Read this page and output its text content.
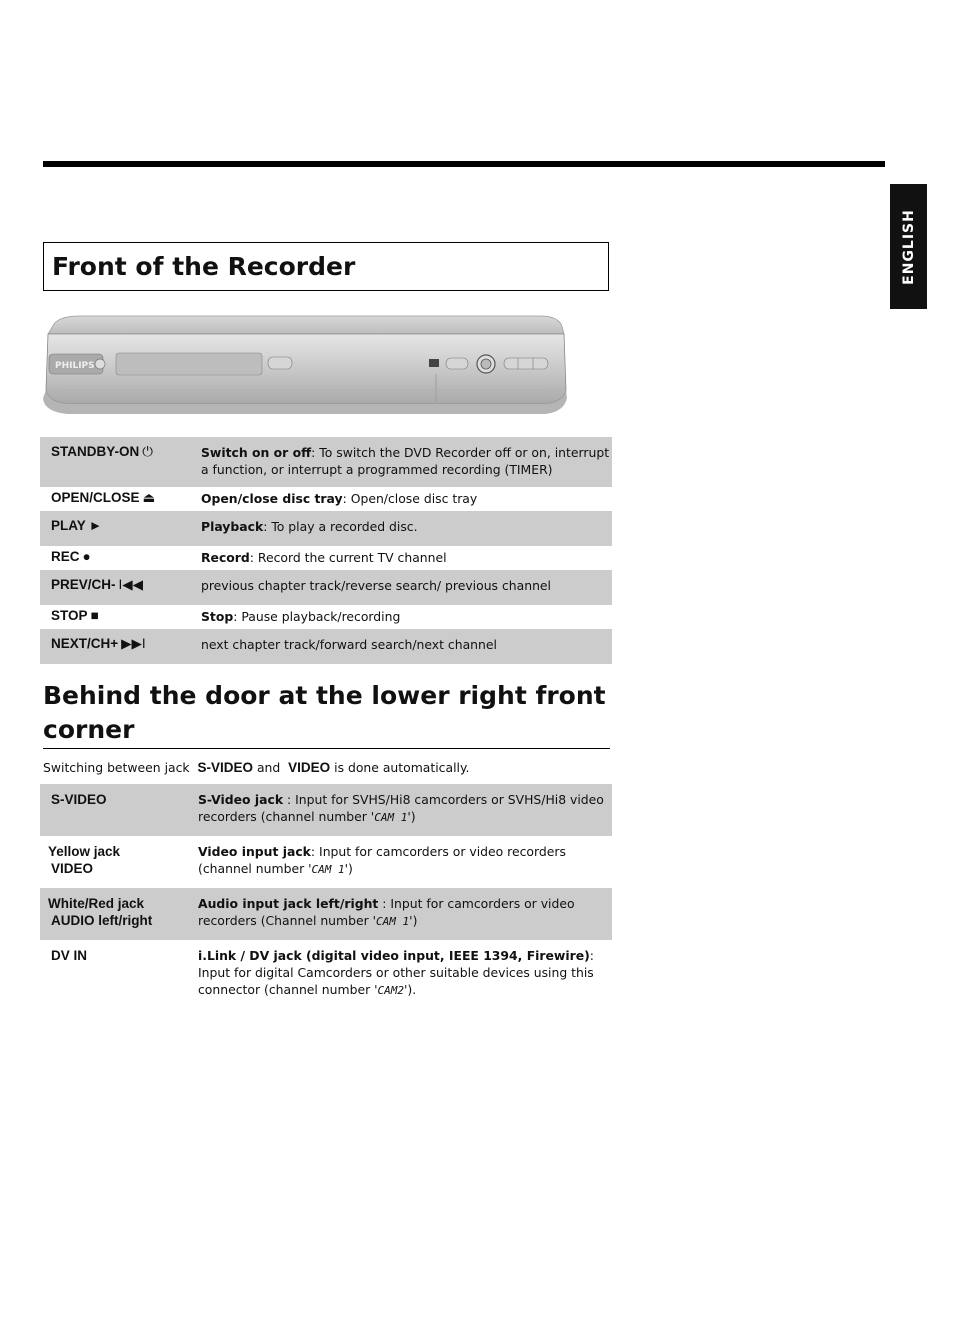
ENGLISH
Front of the Recorder
PHILIPS
STANDBY-ON ⏻	Switch on or off: To switch the DVD Recorder off or on, interrupt a function, or interrupt a programmed recording (TIMER)
OPEN/CLOSE ⏏	Open/close disc tray: Open/close disc tray
PLAY ►	Playback: To play a recorded disc.
REC ●	Record: Record the current TV channel
PREV/CH- I◀◀	previous chapter track/reverse search/ previous channel
STOP ■	Stop: Pause playback/recording
NEXT/CH+ ▶▶I	next chapter track/forward search/next channel
Behind the door at the lower right front corner
Switching between jack S-VIDEO and VIDEO is done automatically.
S-VIDEO	S-Video jack : Input for SVHS/Hi8 camcorders or SVHS/Hi8 video recorders (channel number 'CAM 1')

Yellow jack
VIDEO	Video input jack: Input for camcorders or video recorders (channel number 'CAM 1')

White/Red jack
AUDIO left/right	Audio input jack left/right : Input for camcorders or video recorders (Channel number 'CAM 1')

DV IN	i.Link / DV jack (digital video input, IEEE 1394, Firewire): Input for digital Camcorders or other suitable devices using this connector (channel number 'CAM2').
